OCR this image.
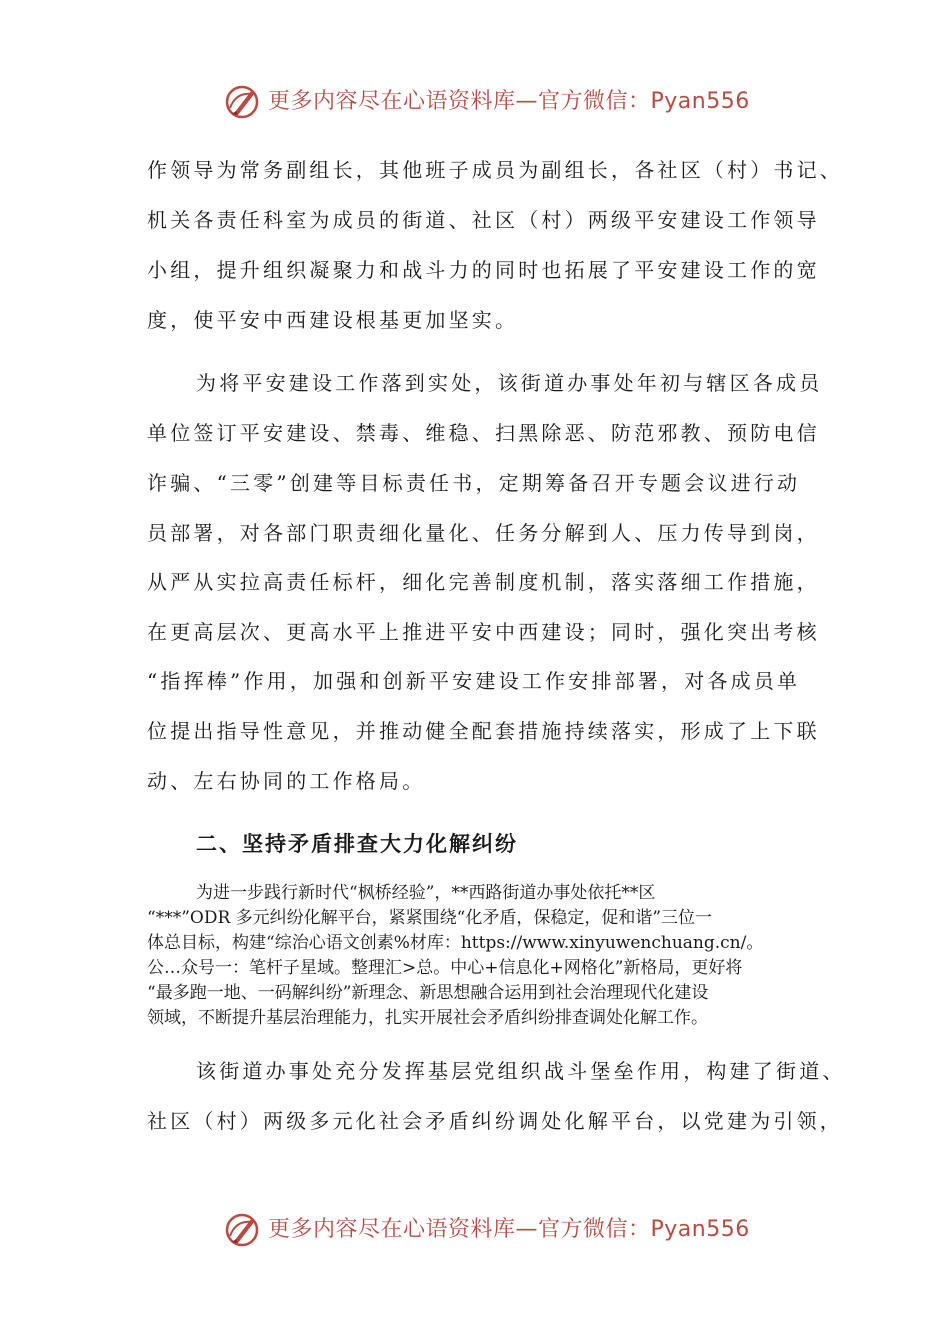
更多内容尽在心语资料库—官方微信：Pyan556
作领导为常务副组长，其他班子成员为副组长，各社区（村）书记、
机关各责任科室为成员的街道、社区（村）两级平安建设工作领导
小组，提升组织凝聚力和战斗力的同时也拓展了平安建设工作的宽
度，使平安中西建设根基更加坚实。
为将平安建设工作落到实处，该街道办事处年初与辖区各成员
单位签订平安建设、禁毒、维稳、扫黑除恶、防范邪教、预防电信
诈骗、“三零”创建等目标责任书，定期筹备召开专题会议进行动
员部署，对各部门职责细化量化、任务分解到人、压力传导到岗，
从严从实拉高责任标杆，细化完善制度机制，落实落细工作措施，
在更高层次、更高水平上推进平安中西建设；同时，强化突出考核
“指挥棒”作用，加强和创新平安建设工作安排部署，对各成员单
位提出指导性意见，并推动健全配套措施持续落实，形成了上下联
动、左右协同的工作格局。
二、坚持矛盾排查大力化解纠纷
为进一步践行新时代“枫桥经验”，**西路街道办事处依托**区
“***”ODR 多元纠纷化解平台，紧紧围绕“化矛盾，保稳定，促和谐”三位一
体总目标，构建“综治心语文创素%材库：https://www.xinyuwenchuang.cn/。
公…众号一：笔杆子星域。整理汇>总。中心+信息化+网格化”新格局，更好将
“最多跑一地、一码解纠纷”新理念、新思想融合运用到社会治理现代化建设
领域，不断提升基层治理能力，扎实开展社会矛盾纠纷排查调处化解工作。
该街道办事处充分发挥基层党组织战斗堡垒作用，构建了街道、
社区（村）两级多元化社会矛盾纠纷调处化解平台，以党建为引领，
更多内容尽在心语资料库—官方微信：Pyan556
